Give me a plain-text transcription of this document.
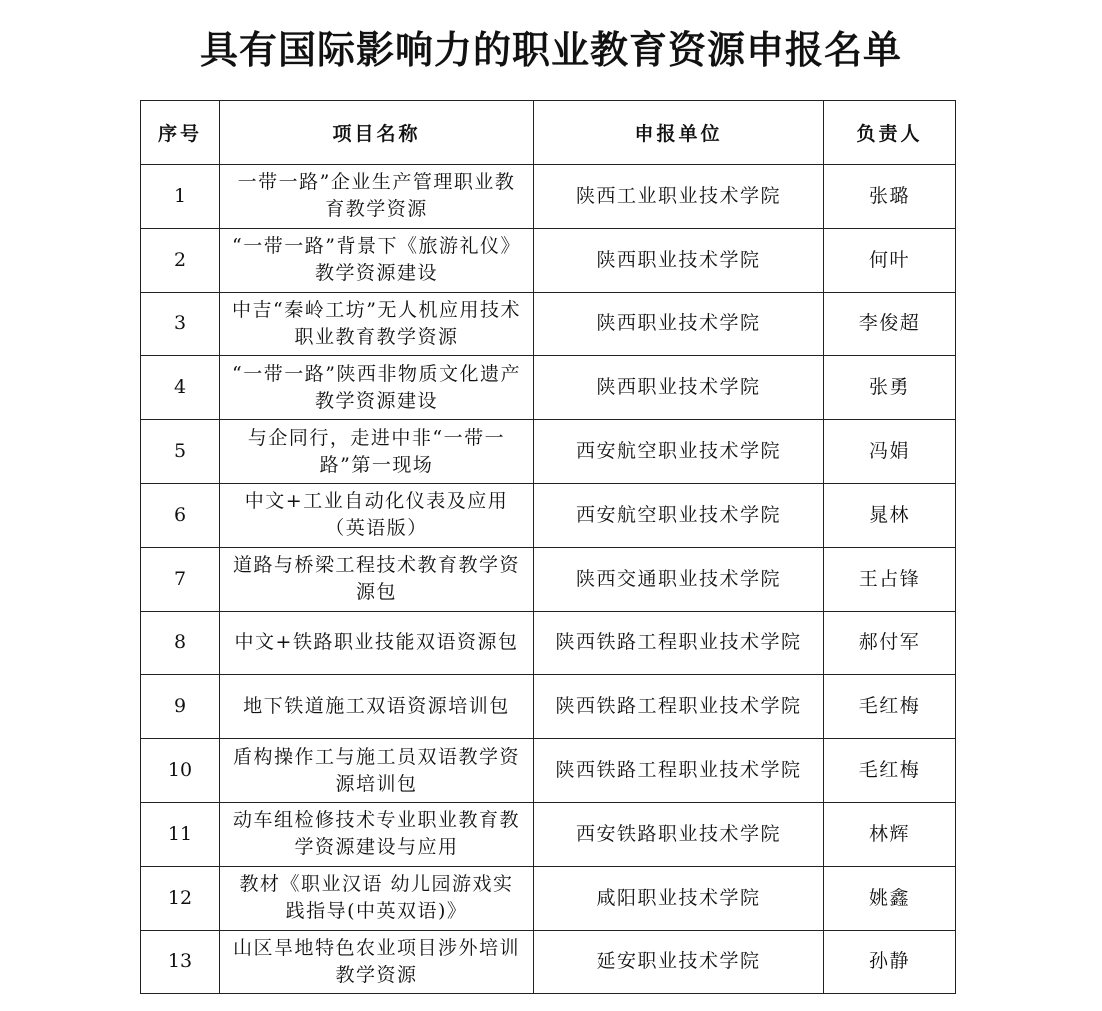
具有国际影响力的职业教育资源申报名单
序号	项目名称	申报单位	负责人
1	一带一路”企业生产管理职业教育教学资源	陕西工业职业技术学院	张璐
2	“一带一路”背景下《旅游礼仪》教学资源建设	陕西职业技术学院	何叶
3	中吉“秦岭工坊”无人机应用技术职业教育教学资源	陕西职业技术学院	李俊超
4	“一带一路”陕西非物质文化遗产教学资源建设	陕西职业技术学院	张勇
5	与企同行，走进中非“一带一路”第一现场	西安航空职业技术学院	冯娟
6	中文+工业自动化仪表及应用（英语版）	西安航空职业技术学院	晁林
7	道路与桥梁工程技术教育教学资源包	陕西交通职业技术学院	王占锋
8	中文+铁路职业技能双语资源包	陕西铁路工程职业技术学院	郝付军
9	地下铁道施工双语资源培训包	陕西铁路工程职业技术学院	毛红梅
10	盾构操作工与施工员双语教学资源培训包	陕西铁路工程职业技术学院	毛红梅
11	动车组检修技术专业职业教育教学资源建设与应用	西安铁路职业技术学院	林辉
12	教材《职业汉语 幼儿园游戏实践指导(中英双语)》	咸阳职业技术学院	姚鑫
13	山区旱地特色农业项目涉外培训教学资源	延安职业技术学院	孙静
